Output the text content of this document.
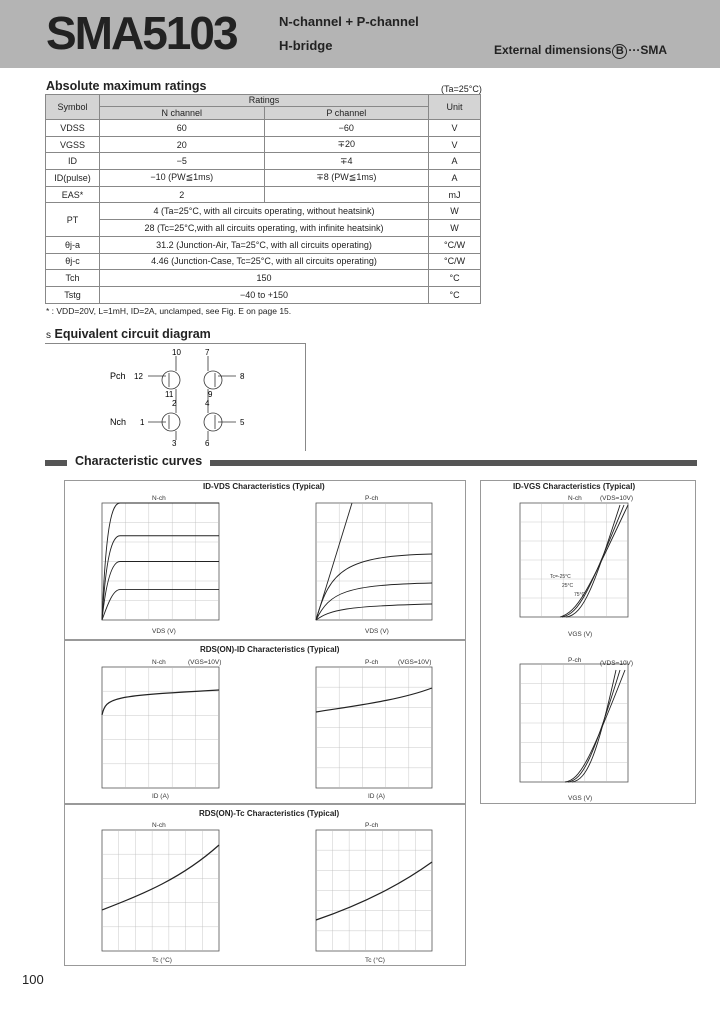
SMA5103	N-channel + P-channel
H-bridge	External dimensions B ···SMA
Absolute maximum ratings	(Ta=25°C)
Symbol	Ratings		Unit
	N channel	P channel	
VDSS	60	−60	V
VGSS	20	∓20	V
ID	−5	∓4	A
ID(pulse)	−10 (PW≦1ms)	∓8 (PW≦1ms)	A
EAS*	2		mJ
PT	4 (Ta=25°C, with all circuits operating, without heatsink)		W
	28 (Tc=25°C,with all circuits operating, with infinite heatsink)		W
θj-a	31.2 (Junction-Air, Ta=25°C, with all circuits operating)		°C/W
θj-c	4.46 (Junction-Case, Tc=25°C, with all circuits operating)		°C/W
Tch	150		°C
Tstg	−40 to +150		°C
* : VDD=20V, L=1mH, ID=2A, unclamped, see Fig. E on page 15.
s Equivalent circuit diagram
10	7
12	8
11	9
2	4
1	5
3	6
Pch
Nch
Characteristic curves
ID-VDS Characteristics (Typical)
RDS(ON)-ID Characteristics (Typical)
RDS(ON)-Tc Characteristics (Typical)
ID-VGS Characteristics (Typical)
N-ch
VDS (V)
P-ch
VDS (V)
N-ch	(VGS=10V)
ID (A)
P-ch	(VGS=10V)
ID (A)
N-ch
Tc (°C)
P-ch
Tc (°C)
N-ch	(VDS=10V)
VGS (V)
P-ch	(VDS=10V)
VGS (V)
Tc=-25°C
25°C
75°C
100
